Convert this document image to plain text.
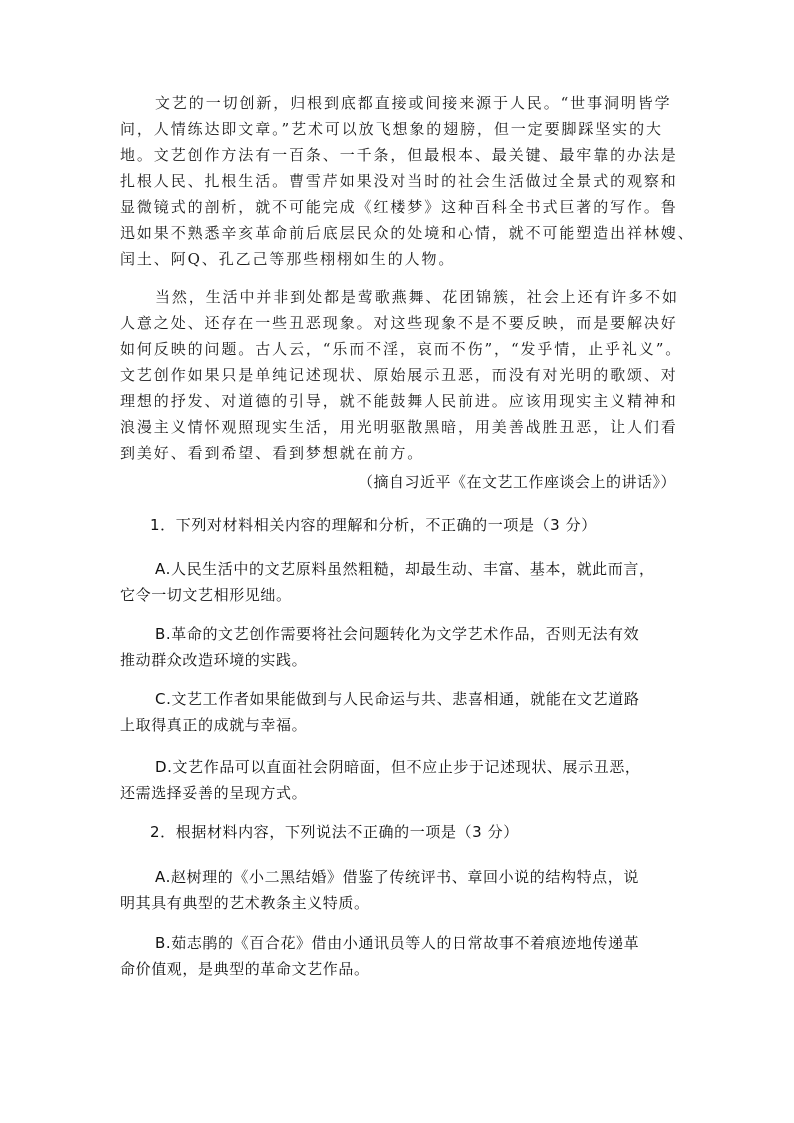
文艺的一切创新，归根到底都直接或间接来源于人民。“世事洞明皆学

问，人情练达即文章。”艺术可以放飞想象的翅膀，但一定要脚踩坚实的大

地。文艺创作方法有一百条、一千条，但最根本、最关键、最牢靠的办法是

扎根人民、扎根生活。曹雪芹如果没对当时的社会生活做过全景式的观察和

显微镜式的剖析，就不可能完成《红楼梦》这种百科全书式巨著的写作。鲁

迅如果不熟悉辛亥革命前后底层民众的处境和心情，就不可能塑造出祥林嫂、

闰土、阿Q、孔乙己等那些栩栩如生的人物。

当然，生活中并非到处都是莺歌燕舞、花团锦簇，社会上还有许多不如

人意之处、还存在一些丑恶现象。对这些现象不是不要反映，而是要解决好

如何反映的问题。古人云，“乐而不淫，哀而不伤”，“发乎情，止乎礼义”。

文艺创作如果只是单纯记述现状、原始展示丑恶，而没有对光明的歌颂、对

理想的抒发、对道德的引导，就不能鼓舞人民前进。应该用现实主义精神和

浪漫主义情怀观照现实生活，用光明驱散黑暗，用美善战胜丑恶，让人们看

到美好、看到希望、看到梦想就在前方。

（摘自习近平《在文艺工作座谈会上的讲话》）

1．下列对材料相关内容的理解和分析，不正确的一项是（3 分）

A.人民生活中的文艺原料虽然粗糙，却最生动、丰富、基本，就此而言，

它令一切文艺相形见绌。

B.革命的文艺创作需要将社会问题转化为文学艺术作品，否则无法有效

推动群众改造环境的实践。

C.文艺工作者如果能做到与人民命运与共、悲喜相通，就能在文艺道路

上取得真正的成就与幸福。

D.文艺作品可以直面社会阴暗面，但不应止步于记述现状、展示丑恶，

还需选择妥善的呈现方式。

2．根据材料内容，下列说法不正确的一项是（3 分）

A.赵树理的《小二黑结婚》借鉴了传统评书、章回小说的结构特点，说

明其具有典型的艺术教条主义特质。

B.茹志鹃的《百合花》借由小通讯员等人的日常故事不着痕迹地传递革

命价值观，是典型的革命文艺作品。
